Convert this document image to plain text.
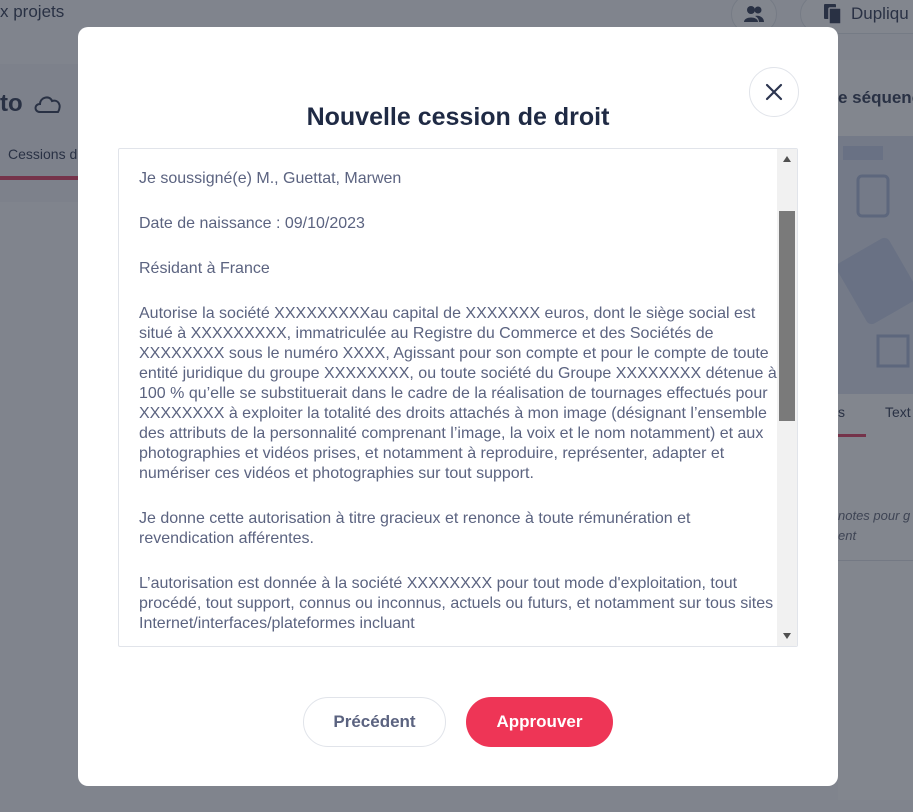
Nouvelle cession de droit

Je soussigné(e) M., Guettat, Marwen

Date de naissance : 09/10/2023

Résidant à France

Autorise la société XXXXXXXXXau capital de XXXXXXX euros, dont le siège social est situé à XXXXXXXXX, immatriculée au Registre du Commerce et des Sociétés de XXXXXXXX sous le numéro XXXX, Agissant pour son compte et pour le compte de toute entité juridique du groupe XXXXXXXX, ou toute société du Groupe XXXXXXXX détenue à 100 % qu’elle se substituerait dans le cadre de la réalisation de tournages effectués pour XXXXXXXX à exploiter la totalité des droits attachés à mon image (désignant l’ensemble des attributs de la personnalité comprenant l’image, la voix et le nom notamment) et aux photographies et vidéos prises, et notamment à reproduire, représenter, adapter et numériser ces vidéos et photographies sur tout support.

Je donne cette autorisation à titre gracieux et renonce à toute rémunération et revendication afférentes.

L’autorisation est donnée à la société XXXXXXXX pour tout mode d'exploitation, tout procédé, tout support, connus ou inconnus, actuels ou futurs, et notamment sur tous sites Internet/interfaces/plateformes incluant

Précédent	Approuver
